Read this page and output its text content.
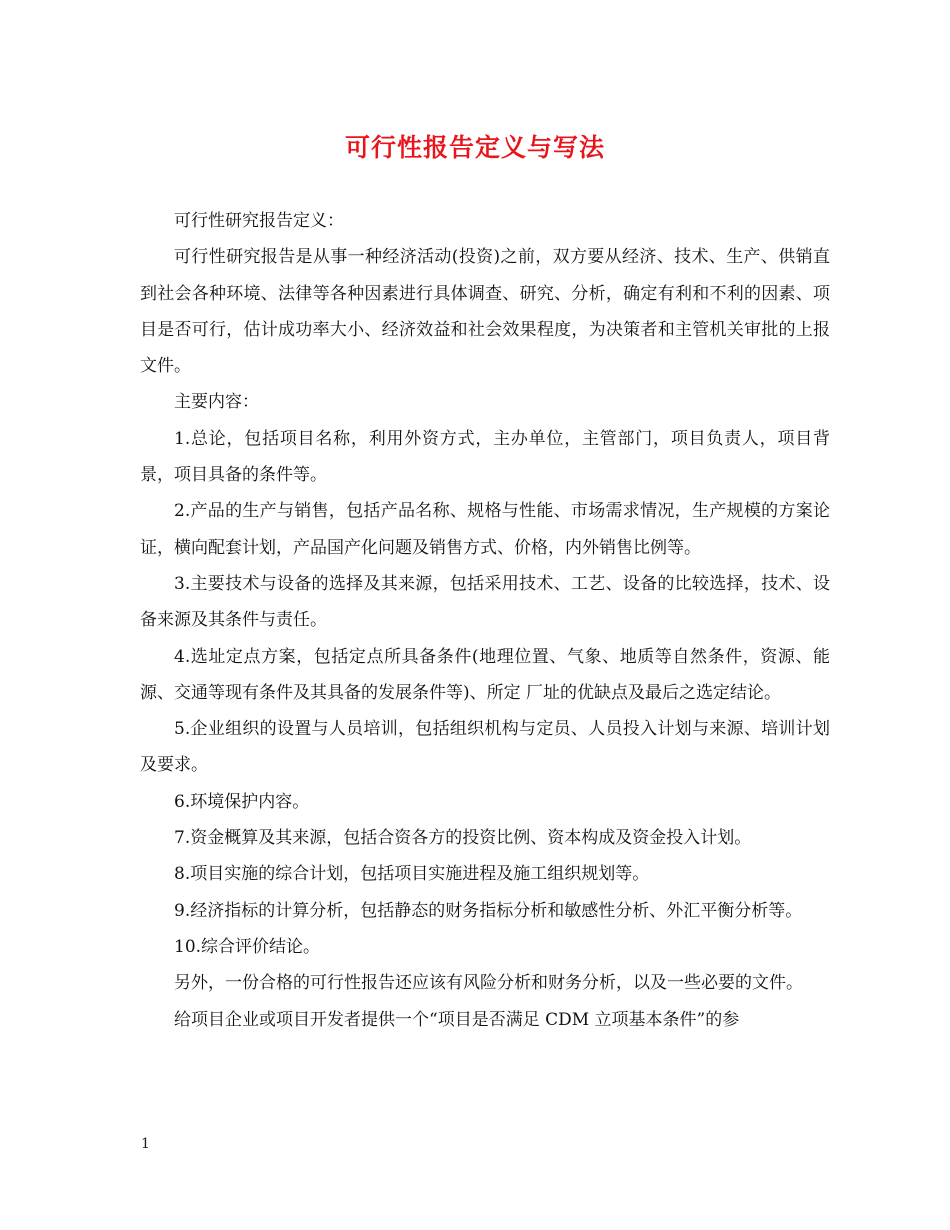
可行性报告定义与写法

可行性研究报告定义：

可行性研究报告是从事一种经济活动(投资)之前，双方要从经济、技术、生产、供销直到社会各种环境、法律等各种因素进行具体调查、研究、分析，确定有利和不利的因素、项目是否可行，估计成功率大小、经济效益和社会效果程度，为决策者和主管机关审批的上报文件。

主要内容：

1.总论，包括项目名称，利用外资方式，主办单位，主管部门，项目负责人，项目背景，项目具备的条件等。

2.产品的生产与销售，包括产品名称、规格与性能、市场需求情况，生产规模的方案论证，横向配套计划，产品国产化问题及销售方式、价格，内外销售比例等。

3.主要技术与设备的选择及其来源，包括采用技术、工艺、设备的比较选择，技术、设备来源及其条件与责任。

4.选址定点方案，包括定点所具备条件(地理位置、气象、地质等自然条件，资源、能源、交通等现有条件及其具备的发展条件等)、所定 厂址的优缺点及最后之选定结论。

5.企业组织的设置与人员培训，包括组织机构与定员、人员投入计划与来源、培训计划及要求。

6.环境保护内容。

7.资金概算及其来源，包括合资各方的投资比例、资本构成及资金投入计划。

8.项目实施的综合计划，包括项目实施进程及施工组织规划等。

9.经济指标的计算分析，包括静态的财务指标分析和敏感性分析、外汇平衡分析等。

10.综合评价结论。

另外，一份合格的可行性报告还应该有风险分析和财务分析，以及一些必要的文件。

给项目企业或项目开发者提供一个“项目是否满足 CDM 立项基本条件”的参

1
